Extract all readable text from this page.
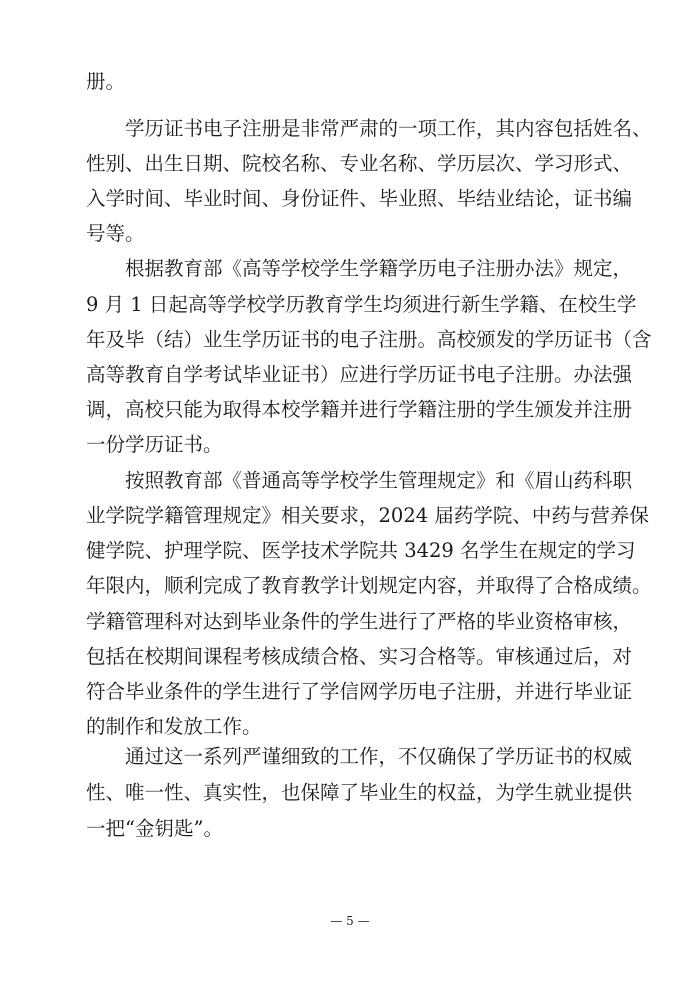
册。
学历证书电子注册是非常严肃的一项工作，其内容包括姓名、
性别、出生日期、院校名称、专业名称、学历层次、学习形式、
入学时间、毕业时间、身份证件、毕业照、毕结业结论，证书编
号等。
根据教育部《高等学校学生学籍学历电子注册办法》规定，
9 月 1 日起高等学校学历教育学生均须进行新生学籍、在校生学
年及毕（结）业生学历证书的电子注册。高校颁发的学历证书（含
高等教育自学考试毕业证书）应进行学历证书电子注册。办法强
调，高校只能为取得本校学籍并进行学籍注册的学生颁发并注册
一份学历证书。
按照教育部《普通高等学校学生管理规定》和《眉山药科职
业学院学籍管理规定》相关要求，2024 届药学院、中药与营养保
健学院、护理学院、医学技术学院共 3429 名学生在规定的学习
年限内，顺利完成了教育教学计划规定内容，并取得了合格成绩。
学籍管理科对达到毕业条件的学生进行了严格的毕业资格审核，
包括在校期间课程考核成绩合格、实习合格等。审核通过后，对
符合毕业条件的学生进行了学信网学历电子注册，并进行毕业证
的制作和发放工作。
通过这一系列严谨细致的工作，不仅确保了学历证书的权威
性、唯一性、真实性，也保障了毕业生的权益，为学生就业提供
一把“金钥匙”。
— 5 —
